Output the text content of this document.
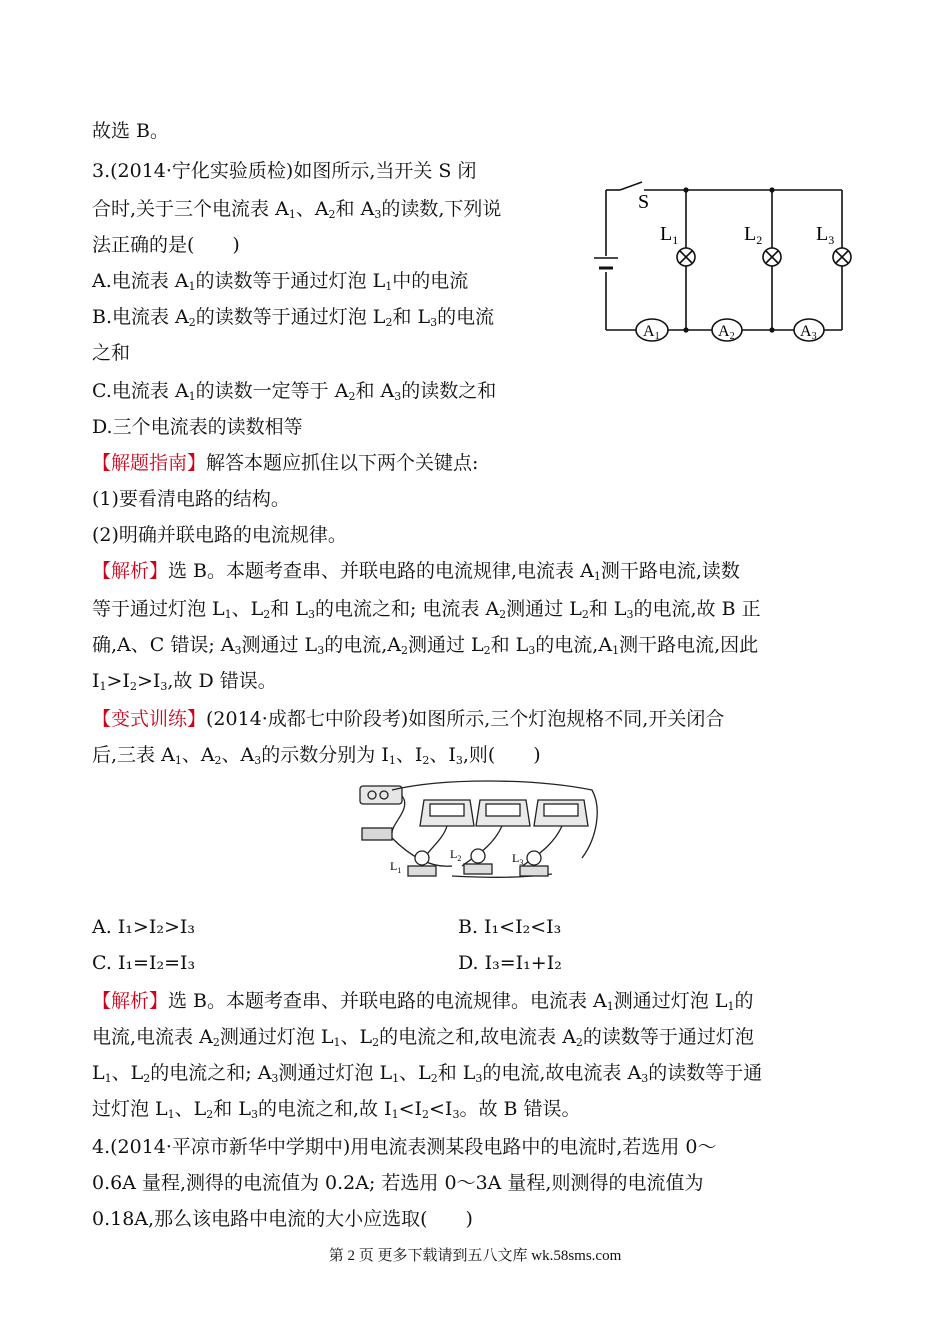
故选 B。
3.(2014·宁化实验质检)如图所示,当开关 S 闭
合时,关于三个电流表 $A_1$、$A_2$和 $A_3$的读数,下列说
法正确的是(　　)
A.电流表 $A_1$的读数等于通过灯泡 $L_1$中的电流
B.电流表 $A_2$的读数等于通过灯泡 $L_2$和 $L_3$的电流
之和
C.电流表 $A_1$的读数一定等于 $A_2$和 $A_3$的读数之和
D.三个电流表的读数相等
S
$L_1$	$L_2$	$L_3$
A1	A2	A3
【解题指南】解答本题应抓住以下两个关键点:
(1)要看清电路的结构。
(2)明确并联电路的电流规律。
【解析】选 B。本题考查串、并联电路的电流规律,电流表 $A_1$测干路电流,读数
等于通过灯泡 $L_1$、$L_2$和 $L_3$的电流之和; 电流表 $A_2$测通过 $L_2$和 $L_3$的电流,故 B 正
确,A、C 错误; $A_3$测通过 $L_3$的电流$,A_2$测通过 $L_2$和 $L_3$的电流$,A_1$测干路电流,因此
$I_1>I_2>I_3$,故 D 错误。
【变式训练】(2014·成都七中阶段考)如图所示,三个灯泡规格不同,开关闭合
后,三表 $A_1$、$A_2$、$A_3$的示数分别为 $I_1$、$I_2$、$I_3$,则(　　)
$L_1$
$L_2$	$L_3$
A. I₁>I₂>I₃	B. I₁<I₂<I₃
C. I₁=I₂=I₃	D. I₃=I₁+I₂
【解析】选 B。本题考查串、并联电路的电流规律。电流表 $A_1$测通过灯泡 $L_1$的
电流,电流表 $A_2$测通过灯泡 $L_1$、$L_2$的电流之和,故电流表 $A_2$的读数等于通过灯泡
$L_1$、$L_2$的电流之和; $A_3$测通过灯泡 $L_1$、$L_2$和 $L_3$的电流,故电流表 $A_3$的读数等于通
过灯泡 $L_1$、$L_2$和 $L_3$的电流之和,故 $I_1<I_2<I_3$。故 B 错误。
4.(2014·平凉市新华中学期中)用电流表测某段电路中的电流时,若选用 0～
0.6A 量程,测得的电流值为 0.2A; 若选用 0～3A 量程,则测得的电流值为
0.18A,那么该电路中电流的大小应选取(　　)
第 2 页 更多下载请到五八文库 wk.58sms.com
